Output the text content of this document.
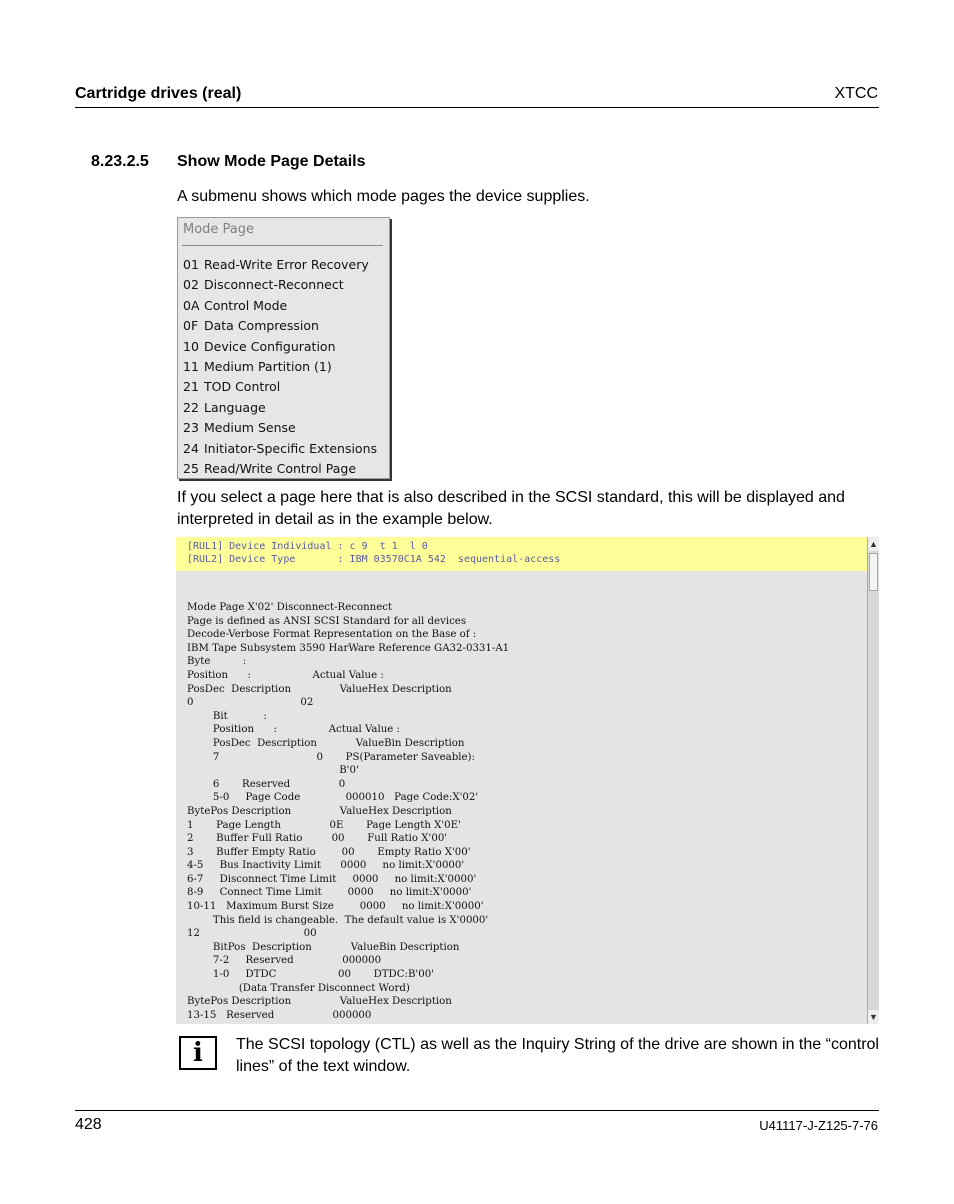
Cartridge drives (real)	XTCC
8.23.2.5 Show Mode Page Details
A submenu shows which mode pages the device supplies.
Mode Page
01 Read-Write Error Recovery
02 Disconnect-Reconnect
0A Control Mode
0F Data Compression
10 Device Configuration
11 Medium Partition (1)
21 TOD Control
22 Language
23 Medium Sense
24 Initiator-Specific Extensions
25 Read/Write Control Page
If you select a page here that is also described in the SCSI standard, this will be displayed and interpreted in detail as in the example below.
[RUL1] Device Individual : c 9  t 1  l 0
[RUL2] Device Type       : IBM 03570C1A 542  sequential-access
Mode Page X'02' Disconnect-Reconnect
Page is defined as ANSI SCSI Standard for all devices
Decode-Verbose Format Representation on the Base of :
IBM Tape Subsystem 3590 HarWare Reference GA32-0331-A1
Byte          :
Position      :                   Actual Value :
PosDec  Description               ValueHex Description
0                                 02
Bit           :
Position      :                Actual Value :
PosDec  Description            ValueBin Description
7                              0       PS(Parameter Saveable):
B'0'
6       Reserved               0
5-0     Page Code              000010   Page Code:X'02'
BytePos Description               ValueHex Description
1       Page Length               0E       Page Length X'0E'
2       Buffer Full Ratio         00       Full Ratio X'00'
3       Buffer Empty Ratio        00       Empty Ratio X'00'
4-5     Bus Inactivity Limit      0000     no limit:X'0000'
6-7     Disconnect Time Limit     0000     no limit:X'0000'
8-9     Connect Time Limit        0000     no limit:X'0000'
10-11   Maximum Burst Size        0000     no limit:X'0000'
This field is changeable.  The default value is X'0000'
12                                00
BitPos  Description            ValueBin Description
7-2     Reserved               000000
1-0     DTDC                   00       DTDC:B'00'
(Data Transfer Disconnect Word)
BytePos Description               ValueHex Description
13-15   Reserved                  000000
▲
▼
i	The SCSI topology (CTL) as well as the Inquiry String of the drive are shown in the “control lines” of the text window.
428	U41117-J-Z125-7-76
